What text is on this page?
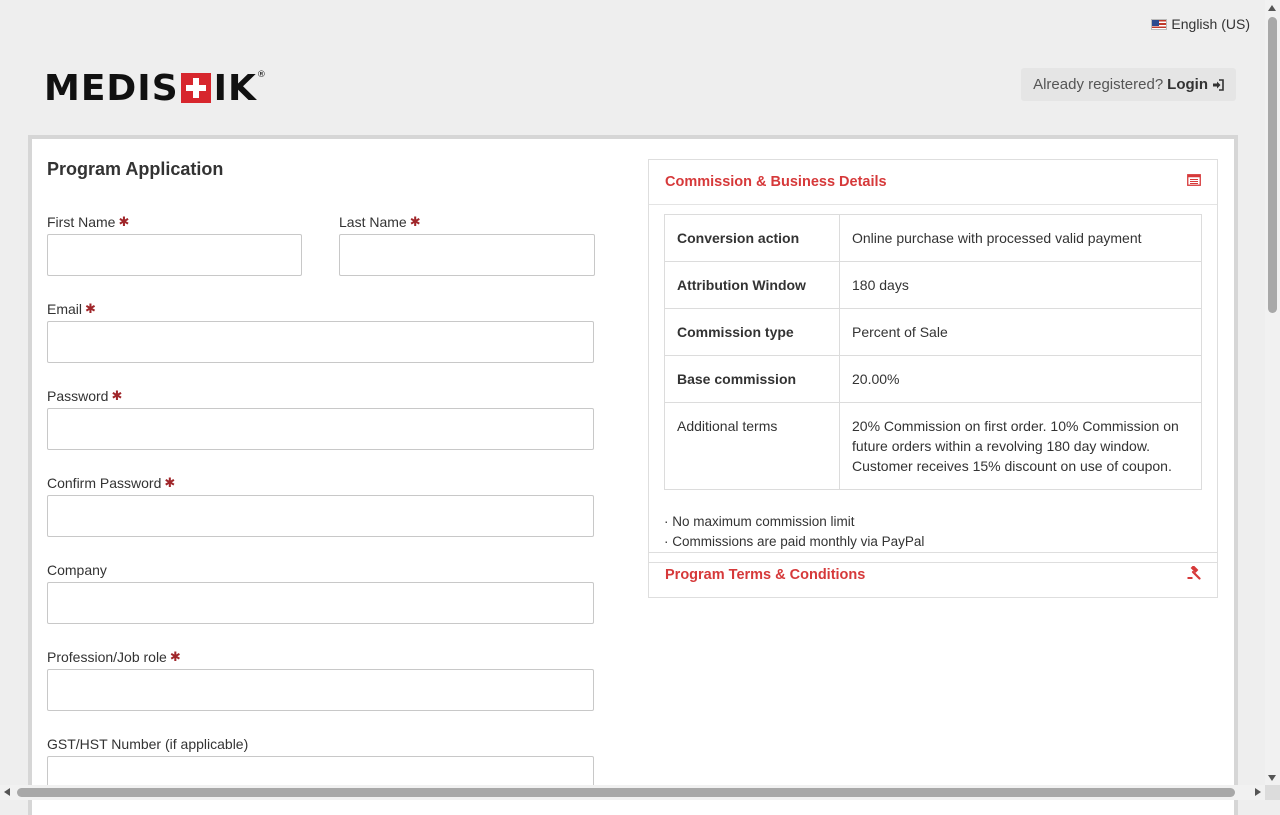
English (US)
MEDIS IK ®
Already registered? Login
Program Application
First Name ✱	Last Name ✱
Email ✱
Password ✱
Confirm Password ✱
Company
Profession/Job role ✱
GST/HST Number (if applicable)
Commission & Business Details
Conversion action	Online purchase with processed valid payment
Attribution Window	180 days
Commission type	Percent of Sale
Base commission	20.00%
Additional terms	20% Commission on first order. 10% Commission on future orders within a revolving 180 day window. Customer receives 15% discount on use of coupon.
· No maximum commission limit
· Commissions are paid monthly via PayPal
Program Terms & Conditions
